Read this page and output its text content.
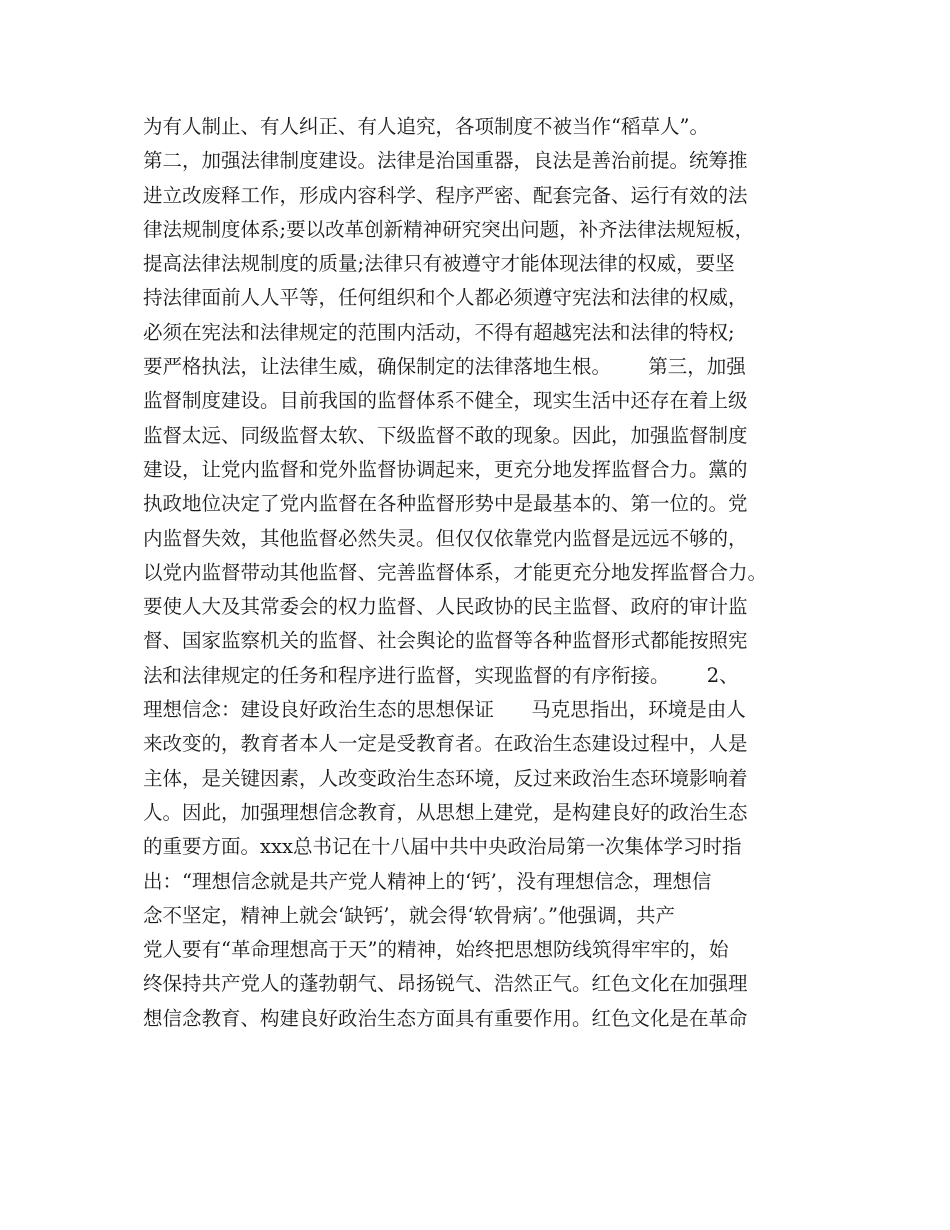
为有人制止、有人纠正、有人追究，各项制度不被当作“稻草人”。
第二，加强法律制度建设。法律是治国重器，良法是善治前提。统筹推
进立改废释工作，形成内容科学、程序严密、配套完备、运行有效的法
律法规制度体系;要以改革创新精神研究突出问题，补齐法律法规短板，
提高法律法规制度的质量;法律只有被遵守才能体现法律的权威，要坚
持法律面前人人平等，任何组织和个人都必须遵守宪法和法律的权威，
必须在宪法和法律规定的范围内活动，不得有超越宪法和法律的特权;
要严格执法，让法律生威，确保制定的法律落地生根。      第三，加强
监督制度建设。目前我国的监督体系不健全，现实生活中还存在着上级
监督太远、同级监督太软、下级监督不敢的现象。因此，加强监督制度
建设，让党内监督和党外监督协调起来，更充分地发挥监督合力。黨的
执政地位决定了党内监督在各种监督形势中是最基本的、第一位的。党
内监督失效，其他监督必然失灵。但仅仅依靠党内监督是远远不够的，
以党内监督带动其他监督、完善监督体系，才能更充分地发挥监督合力。
要使人大及其常委会的权力监督、人民政协的民主监督、政府的审计监
督、国家监察机关的监督、社会舆论的监督等各种监督形式都能按照宪
法和法律规定的任务和程序进行监督，实现监督的有序衔接。      2、
理想信念：建设良好政治生态的思想保证      马克思指出，环境是由人
来改变的，教育者本人一定是受教育者。在政治生态建设过程中，人是
主体，是关键因素，人改变政治生态环境，反过来政治生态环境影响着
人。因此，加强理想信念教育，从思想上建党，是构建良好的政治生态
的重要方面。xxx总书记在十八届中共中央政治局第一次集体学习时指
出：“理想信念就是共产党人精神上的‘钙’，没有理想信念，理想信
念不坚定，精神上就会‘缺钙’，就会得‘软骨病’。”他强调，共产
党人要有“革命理想高于天”的精神，始终把思想防线筑得牢牢的，始
终保持共产党人的蓬勃朝气、昂扬锐气、浩然正气。红色文化在加强理
想信念教育、构建良好政治生态方面具有重要作用。红色文化是在革命
